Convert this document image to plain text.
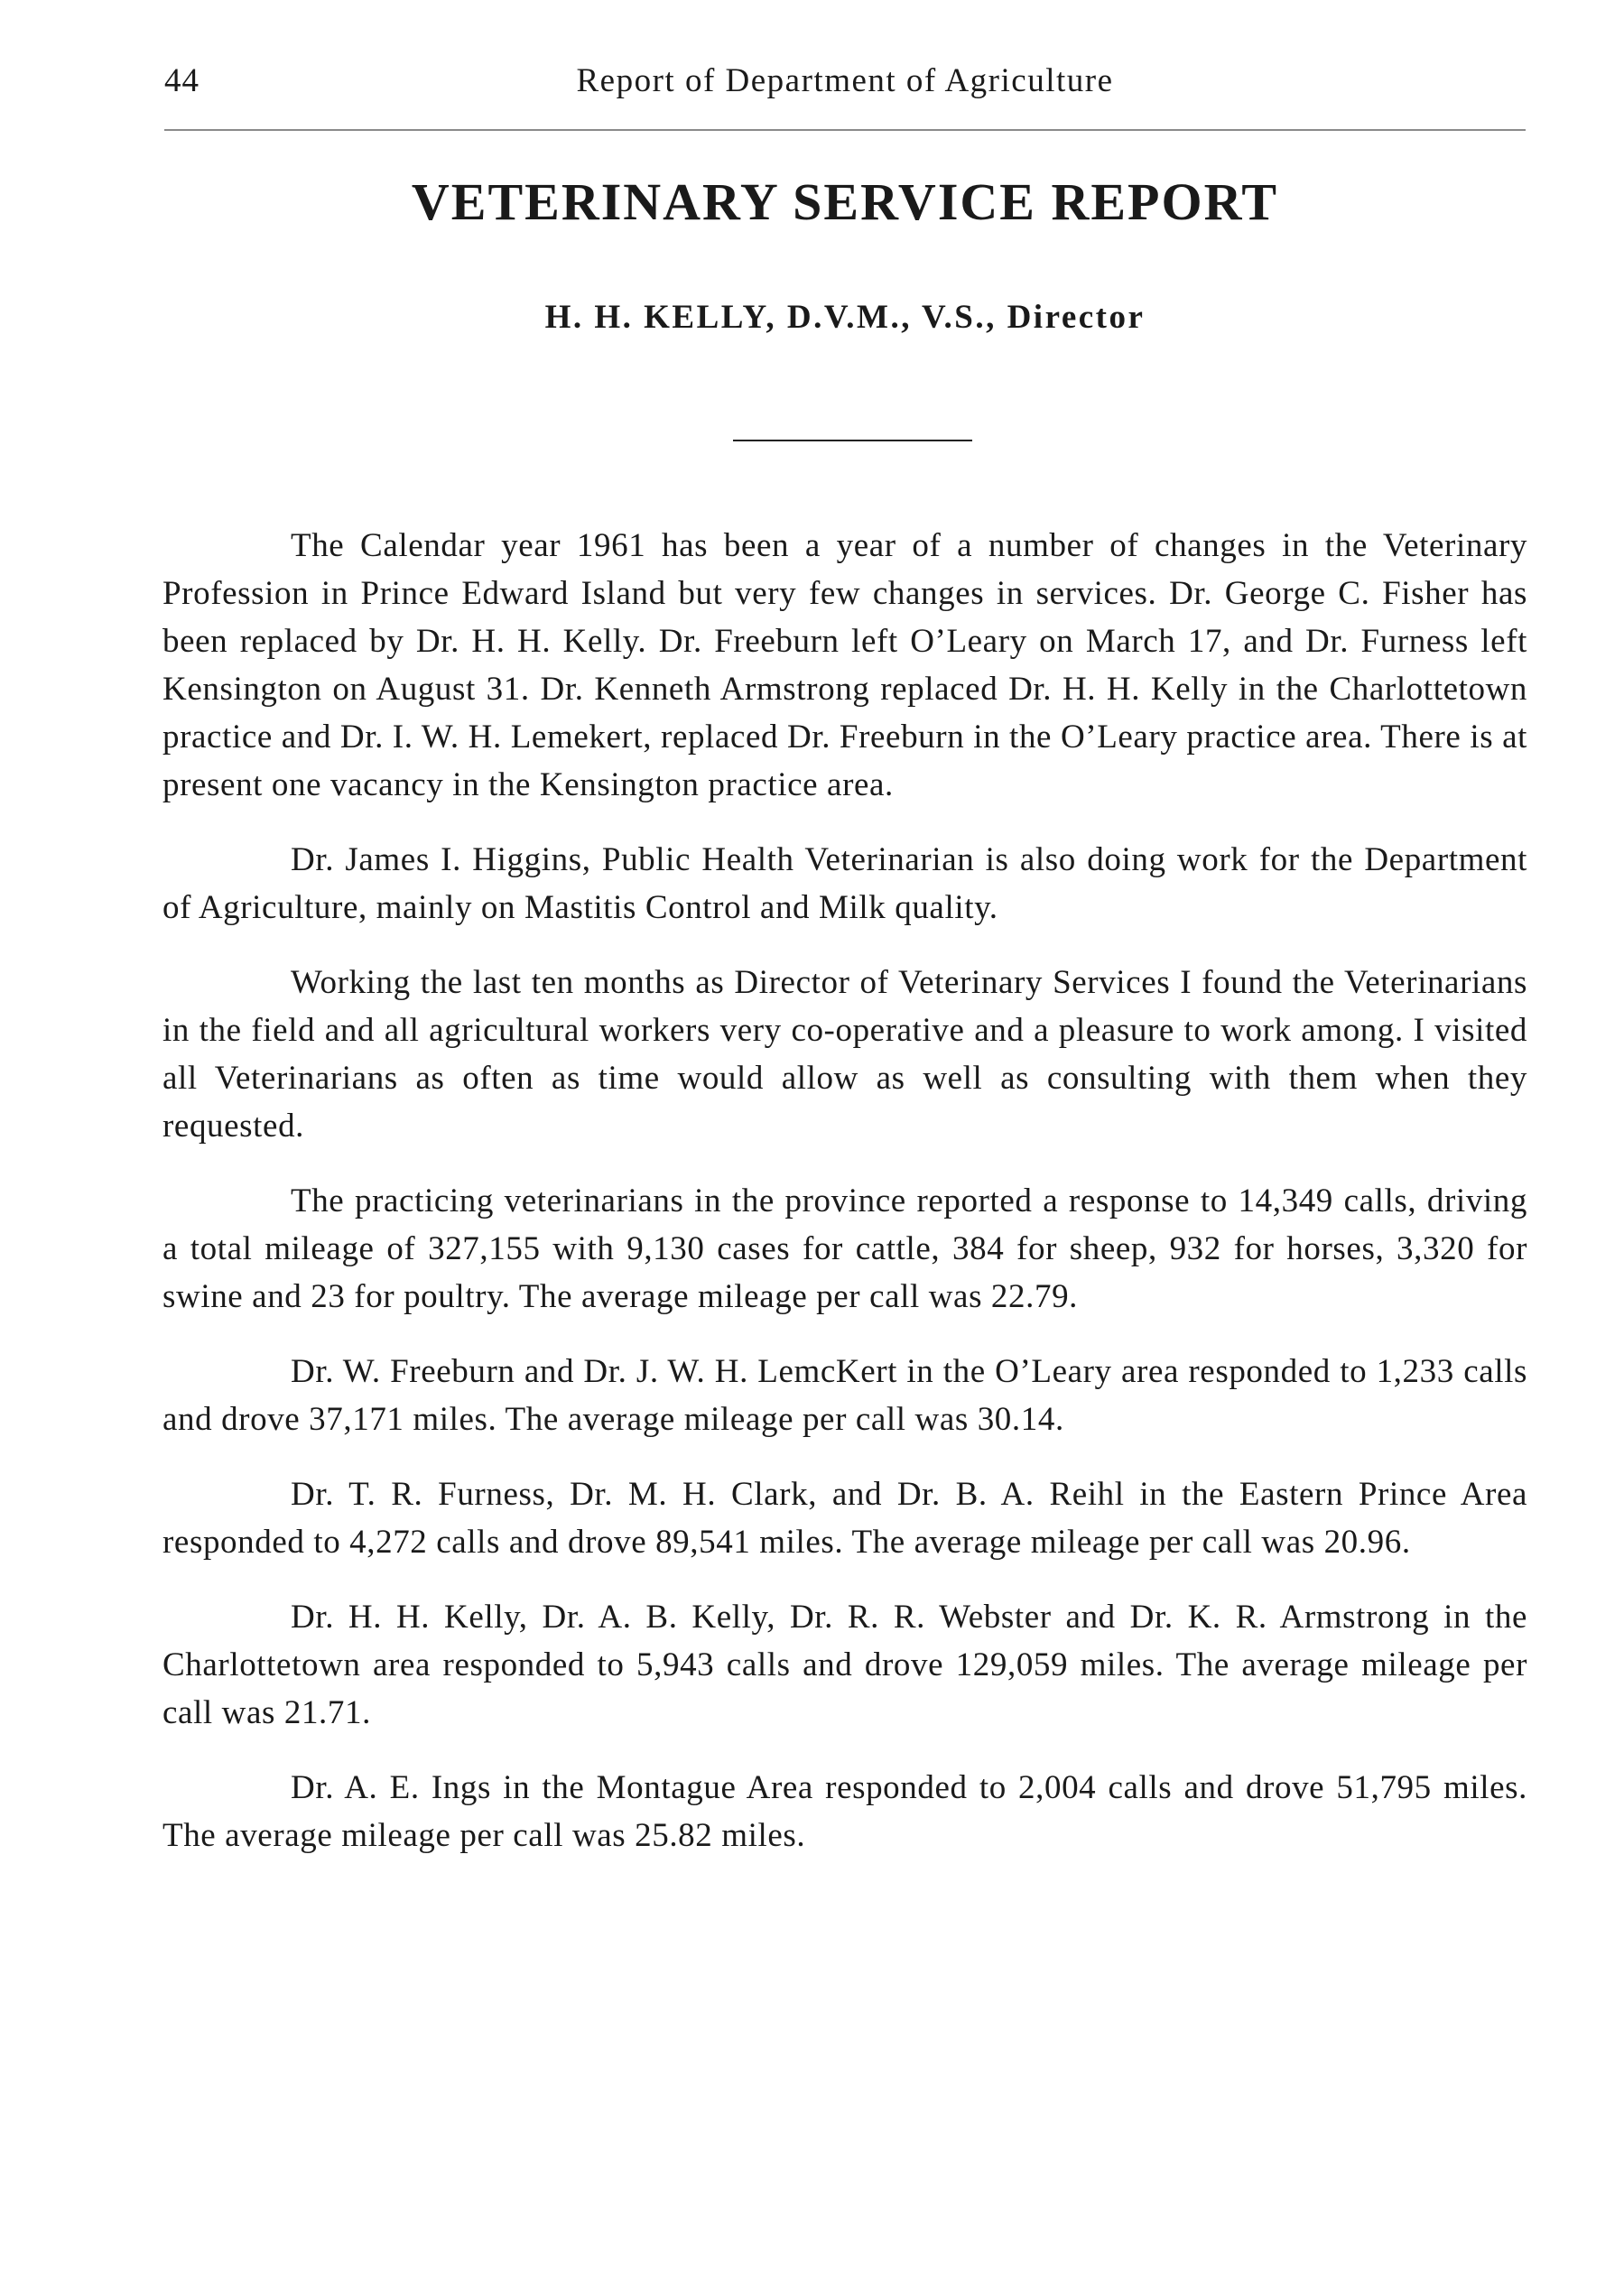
44	Report of Department of Agriculture
VETERINARY SERVICE REPORT
H. H. KELLY, D.V.M., V.S., Director

The Calendar year 1961 has been a year of a number of changes in the Veterinary Profession in Prince Edward Island but very few changes in services. Dr. George C. Fisher has been replaced by Dr. H. H. Kelly. Dr. Freeburn left O’Leary on March 17, and Dr. Furness left Kensington on August 31. Dr. Kenneth Armstrong replaced Dr. H. H. Kelly in the Charlottetown practice and Dr. I. W. H. Lemekert, replaced Dr. Freeburn in the O’Leary practice area. There is at present one vacancy in the Kensington practice area.

Dr. James I. Higgins, Public Health Veterinarian is also doing work for the Department of Agriculture, mainly on Mastitis Control and Milk quality.

Working the last ten months as Director of Veterinary Services I found the Veterinarians in the field and all agricultural workers very co-operative and a pleasure to work among. I visited all Veterinarians as often as time would allow as well as consulting with them when they requested.

The practicing veterinarians in the province reported a response to 14,349 calls, driving a total mileage of 327,155 with 9,130 cases for cattle, 384 for sheep, 932 for horses, 3,320 for swine and 23 for poultry. The average mileage per call was 22.79.

Dr. W. Freeburn and Dr. J. W. H. LemcKert in the O’Leary area responded to 1,233 calls and drove 37,171 miles. The average mileage per call was 30.14.

Dr. T. R. Furness, Dr. M. H. Clark, and Dr. B. A. Reihl in the Eastern Prince Area responded to 4,272 calls and drove 89,541 miles. The average mileage per call was 20.96.

Dr. H. H. Kelly, Dr. A. B. Kelly, Dr. R. R. Webster and Dr. K. R. Armstrong in the Charlottetown area responded to 5,943 calls and drove 129,059 miles. The average mileage per call was 21.71.

Dr. A. E. Ings in the Montague Area responded to 2,004 calls and drove 51,795 miles. The average mileage per call was 25.82 miles.
